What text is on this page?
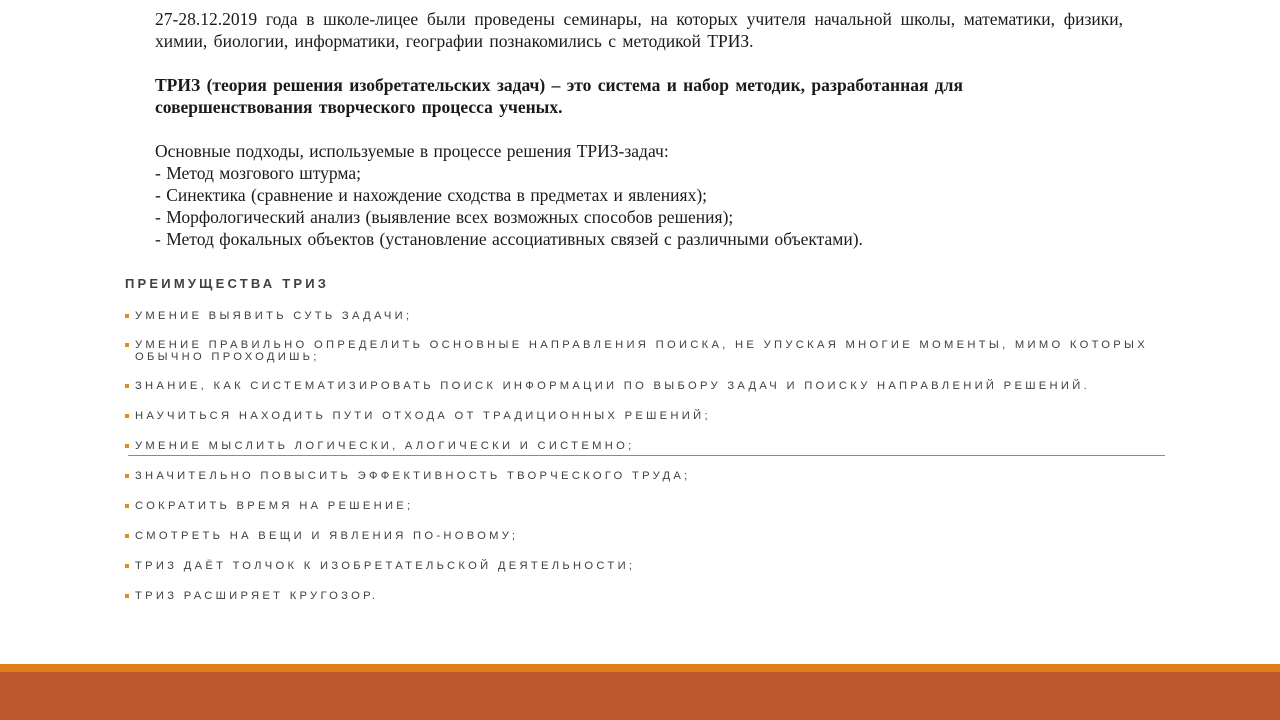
27-28.12.2019 года в школе-лицее были проведены семинары, на которых учителя начальной школы, математики, физики, химии, биологии, информатики, географии познакомились с методикой ТРИЗ.

ТРИЗ (теория решения изобретательских задач) – это система и набор методик, разработанная для совершенствования творческого процесса ученых.

Основные подходы, используемые в процессе решения ТРИЗ-задач:
- Метод мозгового штурма;
- Синектика (сравнение и нахождение сходства в предметах и явлениях);
- Морфологический анализ (выявление всех возможных способов решения);
- Метод фокальных объектов (установление ассоциативных связей с различными объектами).

ПРЕИМУЩЕСТВА ТРИЗ
УМЕНИЕ ВЫЯВИТЬ СУТЬ ЗАДАЧИ;
УМЕНИЕ ПРАВИЛЬНО ОПРЕДЕЛИТЬ ОСНОВНЫЕ НАПРАВЛЕНИЯ ПОИСКА, НЕ УПУСКАЯ МНОГИЕ МОМЕНТЫ, МИМО КОТОРЫХ ОБЫЧНО ПРОХОДИШЬ;
ЗНАНИЕ, КАК СИСТЕМАТИЗИРОВАТЬ ПОИСК ИНФОРМАЦИИ ПО ВЫБОРУ ЗАДАЧ И ПОИСКУ НАПРАВЛЕНИЙ РЕШЕНИЙ.
НАУЧИТЬСЯ НАХОДИТЬ ПУТИ ОТХОДА ОТ ТРАДИЦИОННЫХ РЕШЕНИЙ;
УМЕНИЕ МЫСЛИТЬ ЛОГИЧЕСКИ, АЛОГИЧЕСКИ И СИСТЕМНО;
ЗНАЧИТЕЛЬНО ПОВЫСИТЬ ЭФФЕКТИВНОСТЬ ТВОРЧЕСКОГО ТРУДА;
СОКРАТИТЬ ВРЕМЯ НА РЕШЕНИЕ;
СМОТРЕТЬ НА ВЕЩИ И ЯВЛЕНИЯ ПО-НОВОМУ;
ТРИЗ ДАЁТ ТОЛЧОК К ИЗОБРЕТАТЕЛЬСКОЙ ДЕЯТЕЛЬНОСТИ;
ТРИЗ РАСШИРЯЕТ КРУГОЗОР.
